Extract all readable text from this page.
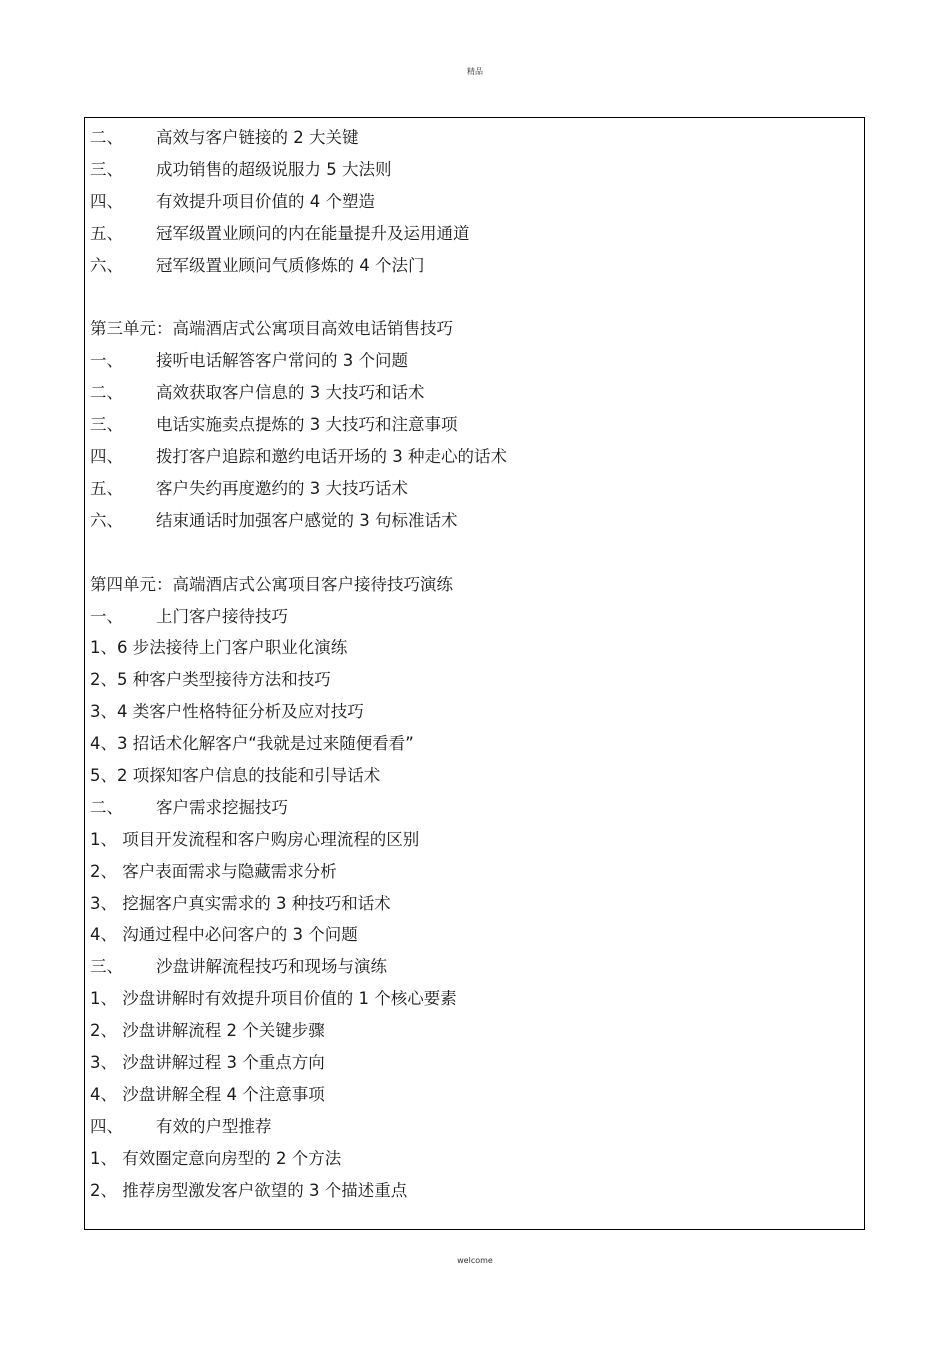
精品
二、 高效与客户链接的 2 大关键
三、 成功销售的超级说服力 5 大法则
四、 有效提升项目价值的 4 个塑造
五、 冠军级置业顾问的内在能量提升及运用通道
六、 冠军级置业顾问气质修炼的 4 个法门
第三单元：高端酒店式公寓项目高效电话销售技巧
一、 接听电话解答客户常问的 3 个问题
二、 高效获取客户信息的 3 大技巧和话术
三、 电话实施卖点提炼的 3 大技巧和注意事项
四、 拨打客户追踪和邀约电话开场的 3 种走心的话术
五、 客户失约再度邀约的 3 大技巧话术
六、 结束通话时加强客户感觉的 3 句标准话术
第四单元：高端酒店式公寓项目客户接待技巧演练
一、 上门客户接待技巧
1、6 步法接待上门客户职业化演练
2、5 种客户类型接待方法和技巧
3、4 类客户性格特征分析及应对技巧
4、3 招话术化解客户“我就是过来随便看看”
5、2 项探知客户信息的技能和引导话术
二、 客户需求挖掘技巧
1、 项目开发流程和客户购房心理流程的区别
2、 客户表面需求与隐藏需求分析
3、 挖掘客户真实需求的 3 种技巧和话术
4、 沟通过程中必问客户的 3 个问题
三、 沙盘讲解流程技巧和现场与演练
1、 沙盘讲解时有效提升项目价值的 1 个核心要素
2、 沙盘讲解流程 2 个关键步骤
3、 沙盘讲解过程 3 个重点方向
4、 沙盘讲解全程 4 个注意事项
四、 有效的户型推荐
1、 有效圈定意向房型的 2 个方法
2、 推荐房型激发客户欲望的 3 个描述重点
welcome
